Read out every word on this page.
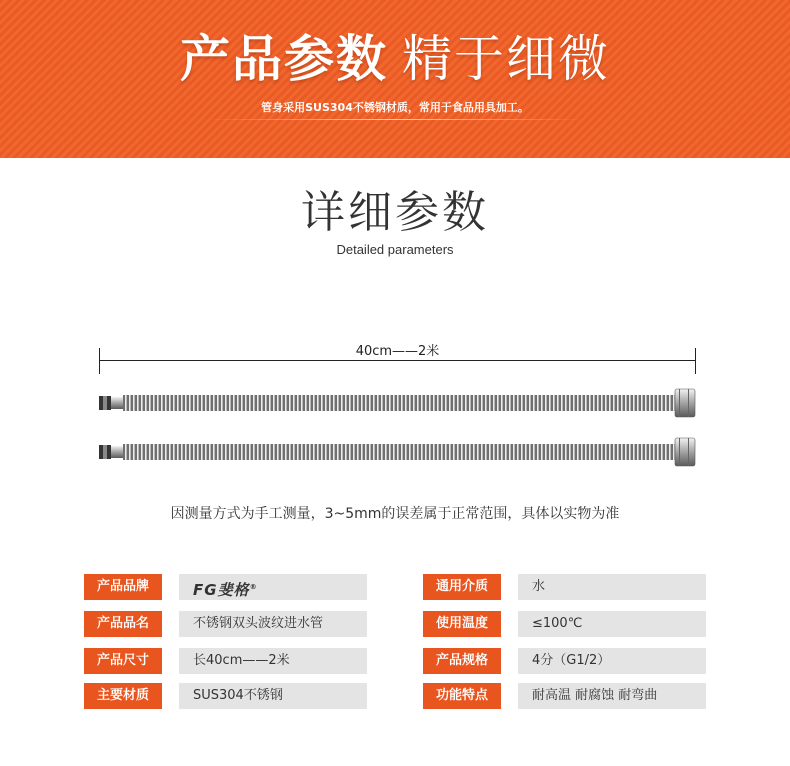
产品参数 精于细微
管身采用SUS304不锈钢材质，常用于食品用具加工。
详细参数
Detailed parameters
40cm——2米
因测量方式为手工测量，3~5mm的误差属于正常范围，具体以实物为准
产品品牌	FG斐格®
产品品名	不锈钢双头波纹进水管
产品尺寸	长40cm——2米
主要材质	SUS304不锈钢
通用介质	水
使用温度	≤100℃
产品规格	4分（G1/2）
功能特点	耐高温 耐腐蚀 耐弯曲
